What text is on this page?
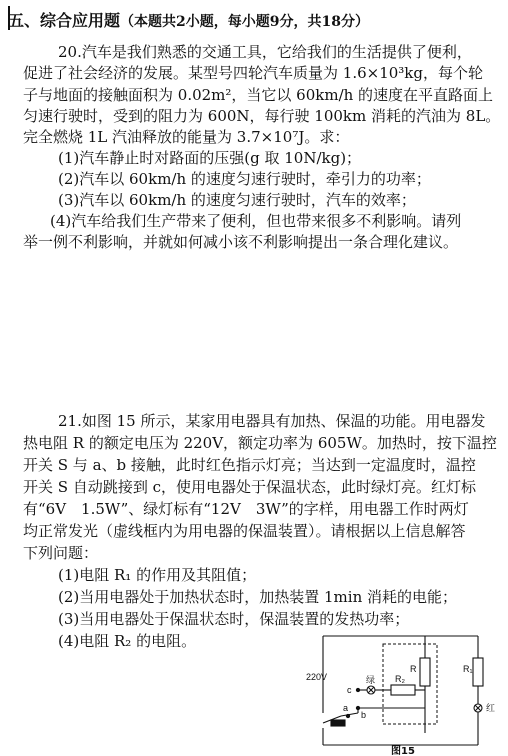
五、综合应用题（本题共2小题，每小题9分，共18分）
20.汽车是我们熟悉的交通工具，它给我们的生活提供了便利，
促进了社会经济的发展。某型号四轮汽车质量为 1.6×10³kg，每个轮
子与地面的接触面积为 0.02m²，当它以 60km/h 的速度在平直路面上
匀速行驶时，受到的阻力为 600N，每行驶 100km 消耗的汽油为 8L。
完全燃烧 1L 汽油释放的能量为 3.7×10⁷J。求：
(1)汽车静止时对路面的压强(g 取 10N/kg)；
(2)汽车以 60km/h 的速度匀速行驶时，牵引力的功率；
(3)汽车以 60km/h 的速度匀速行驶时，汽车的效率；
(4)汽车给我们生产带来了便利，但也带来很多不利影响。请列
举一例不利影响，并就如何减小该不利影响提出一条合理化建议。
21.如图 15 所示，某家用电器具有加热、保温的功能。用电器发
热电阻 R 的额定电压为 220V，额定功率为 605W。加热时，按下温控
开关 S 与 a、b 接触，此时红色指示灯亮；当达到一定温度时，温控
开关 S 自动跳接到 c，使用电器处于保温状态，此时绿灯亮。红灯标
有“6V　1.5W”、绿灯标有“12V　3W”的字样，用电器工作时两灯
均正常发光（虚线框内为用电器的保温装置）。请根据以上信息解答
下列问题：
(1)电阻 R₁ 的作用及其阻值；
(2)当用电器处于加热状态时，加热装置 1min 消耗的电能；
(3)当用电器处于保温状态时，保温装置的发热功率；
(4)电阻 R₂ 的电阻。
220V
R	R₁
R₂
绿
红
c
b
a
图15
